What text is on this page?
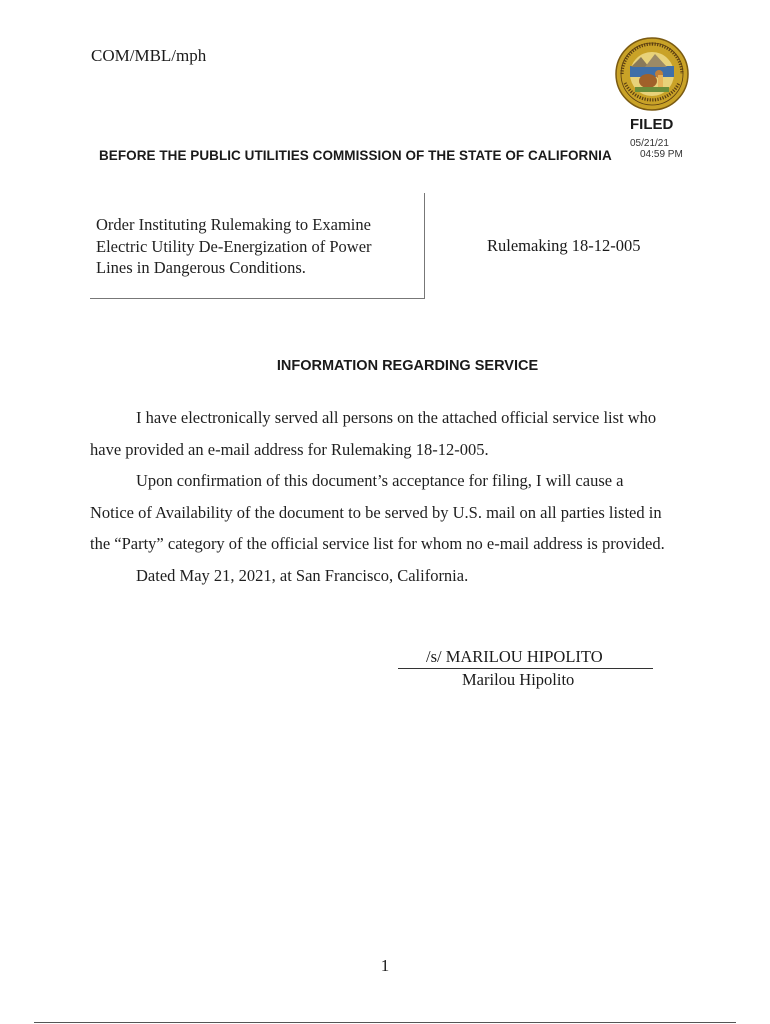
COM/MBL/mph
FILED
05/21/21
04:59 PM
BEFORE THE PUBLIC UTILITIES COMMISSION OF THE STATE OF CALIFORNIA
Order Instituting Rulemaking to Examine
Electric Utility De-Energization of Power
Lines in Dangerous Conditions.
Rulemaking 18-12-005
INFORMATION REGARDING SERVICE

I have electronically served all persons on the attached official service list who have provided an e-mail address for Rulemaking 18-12-005.

Upon confirmation of this document’s acceptance for filing, I will cause a Notice of Availability of the document to be served by U.S. mail on all parties listed in the “Party” category of the official service list for whom no e-mail address is provided.

Dated May 21, 2021, at San Francisco, California.

/s/ MARILOU HIPOLITO
Marilou Hipolito
1
